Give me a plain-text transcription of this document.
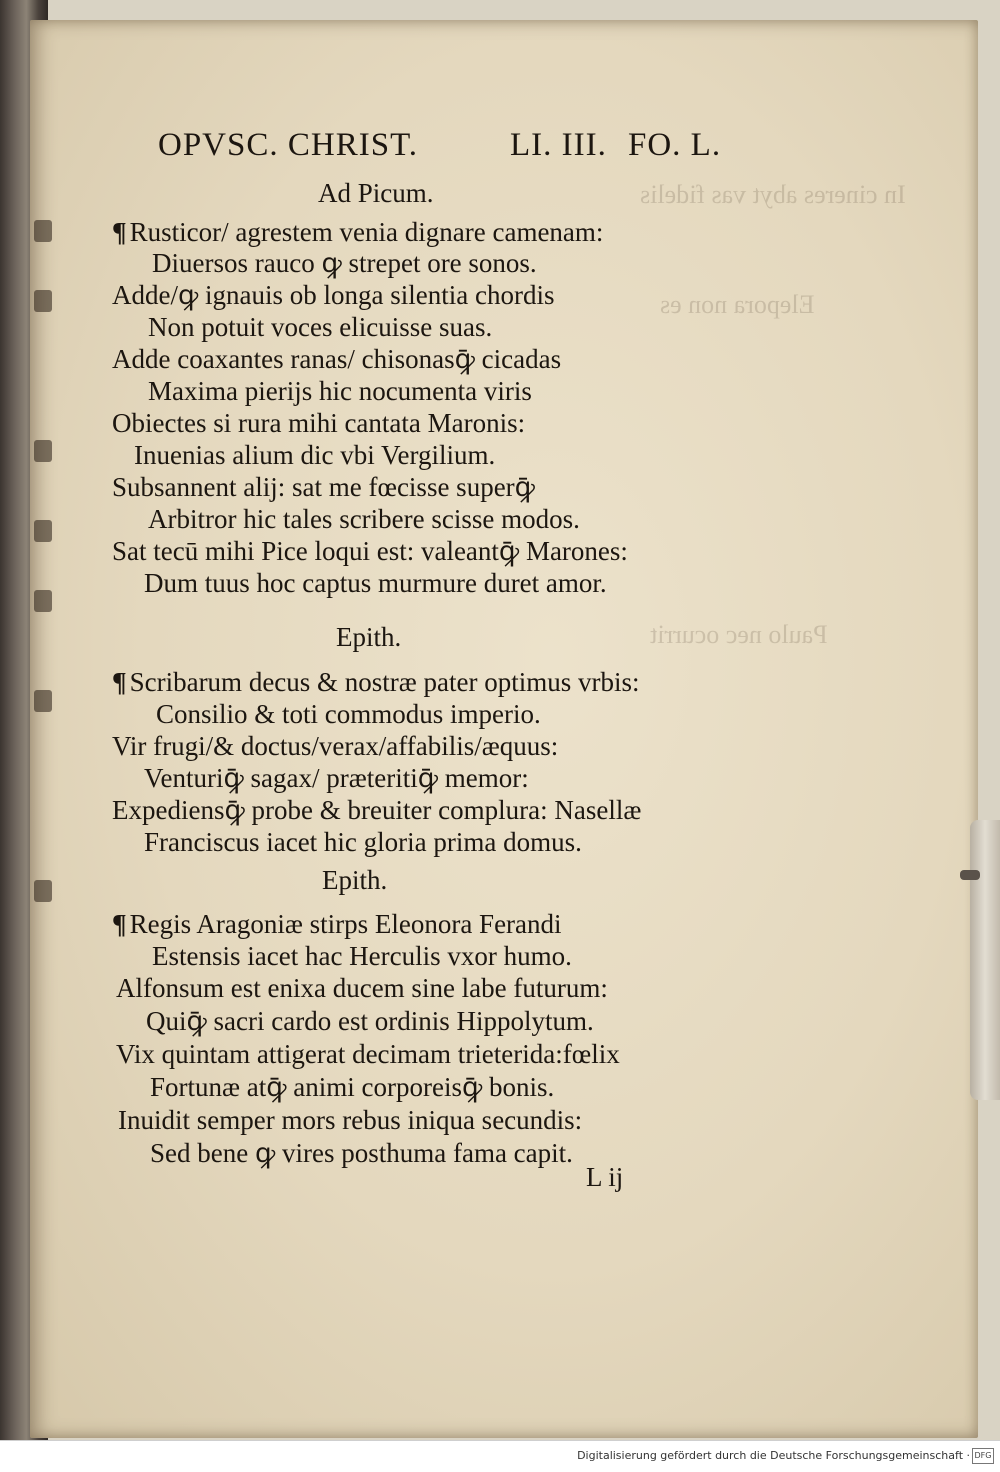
OPVSC. CHRIST.	LI. III. FO. L.
Ad Picum.
¶ Rusticor/ agrestem venia dignare camenam:
Diuersos rauco ꝙ strepet ore sonos.
Adde/ꝙ ignauis ob longa silentia chordis
Non potuit voces elicuisse suas.
Adde coaxantes ranas/ chisonasꝙ̄ cicadas
Maxima pierijs hic nocumenta viris
Obiectes si rura mihi cantata Maronis:
Inuenias alium dic vbi Vergilium.
Subsannent alij: sat me fœcisse superꝙ̄
Arbitror hic tales scribere scisse modos.
Sat tecū mihi Pice loqui est: valeantꝙ̄ Marones:
Dum tuus hoc captus murmure duret amor.
Epith.
¶ Scribarum decus & nostræ pater optimus vrbis:
Consilio & toti commodus imperio.
Vir frugi/& doctus/verax/affabilis/æquus:
Venturiꝙ̄ sagax/ præteritiꝙ̄ memor:
Expediensꝙ̄ probe & breuiter complura: Nasellæ
Franciscus iacet hic gloria prima domus.
Epith.
¶ Regis Aragoniæ stirps Eleonora Ferandi
Estensis iacet hac Herculis vxor humo.
Alfonsum est enixa ducem sine labe futurum:
Quiꝙ̄ sacri cardo est ordinis Hippolytum.
Vix quintam attigerat decimam trieterida:fœlix
Fortunæ atꝙ̄ animi corporeisꝙ̄ bonis.
Inuidit semper mors rebus iniqua secundis:
Sed bene ꝙ vires posthuma fama capit.
L ij
Digitalisierung gefördert durch die Deutsche Forschungsgemeinschaft · DFG
